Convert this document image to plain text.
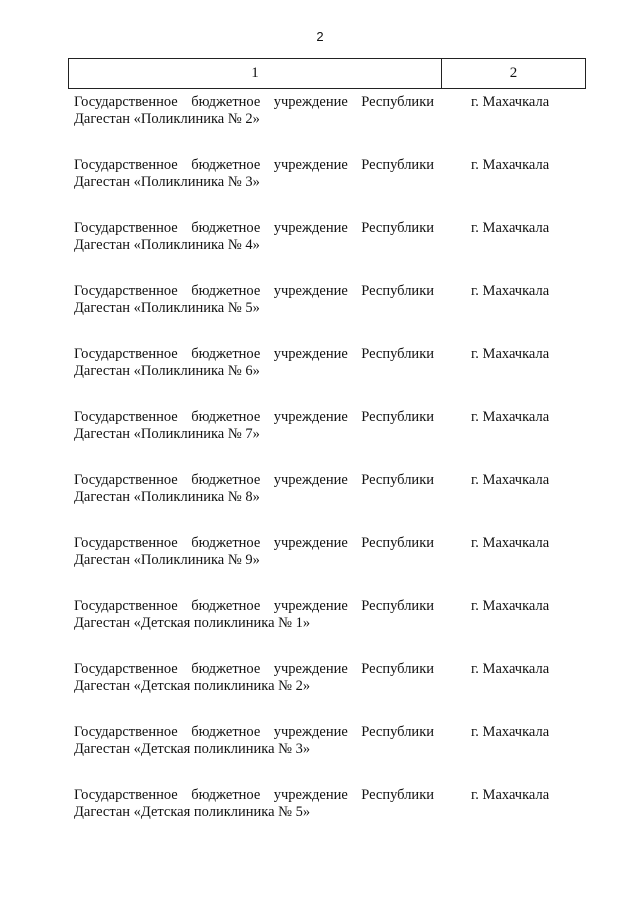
2
1	2
Государственное бюджетное учреждение Республики
Дагестан «Поликлиника № 2»
г. Махачкала
Государственное бюджетное учреждение Республики
Дагестан «Поликлиника № 3»
г. Махачкала
Государственное бюджетное учреждение Республики
Дагестан «Поликлиника № 4»
г. Махачкала
Государственное бюджетное учреждение Республики
Дагестан «Поликлиника № 5»
г. Махачкала
Государственное бюджетное учреждение Республики
Дагестан «Поликлиника № 6»
г. Махачкала
Государственное бюджетное учреждение Республики
Дагестан «Поликлиника № 7»
г. Махачкала
Государственное бюджетное учреждение Республики
Дагестан «Поликлиника № 8»
г. Махачкала
Государственное бюджетное учреждение Республики
Дагестан «Поликлиника № 9»
г. Махачкала
Государственное бюджетное учреждение Республики
Дагестан «Детская поликлиника № 1»
г. Махачкала
Государственное бюджетное учреждение Республики
Дагестан «Детская поликлиника № 2»
г. Махачкала
Государственное бюджетное учреждение Республики
Дагестан «Детская поликлиника № 3»
г. Махачкала
Государственное бюджетное учреждение Республики
Дагестан «Детская поликлиника № 5»
г. Махачкала
